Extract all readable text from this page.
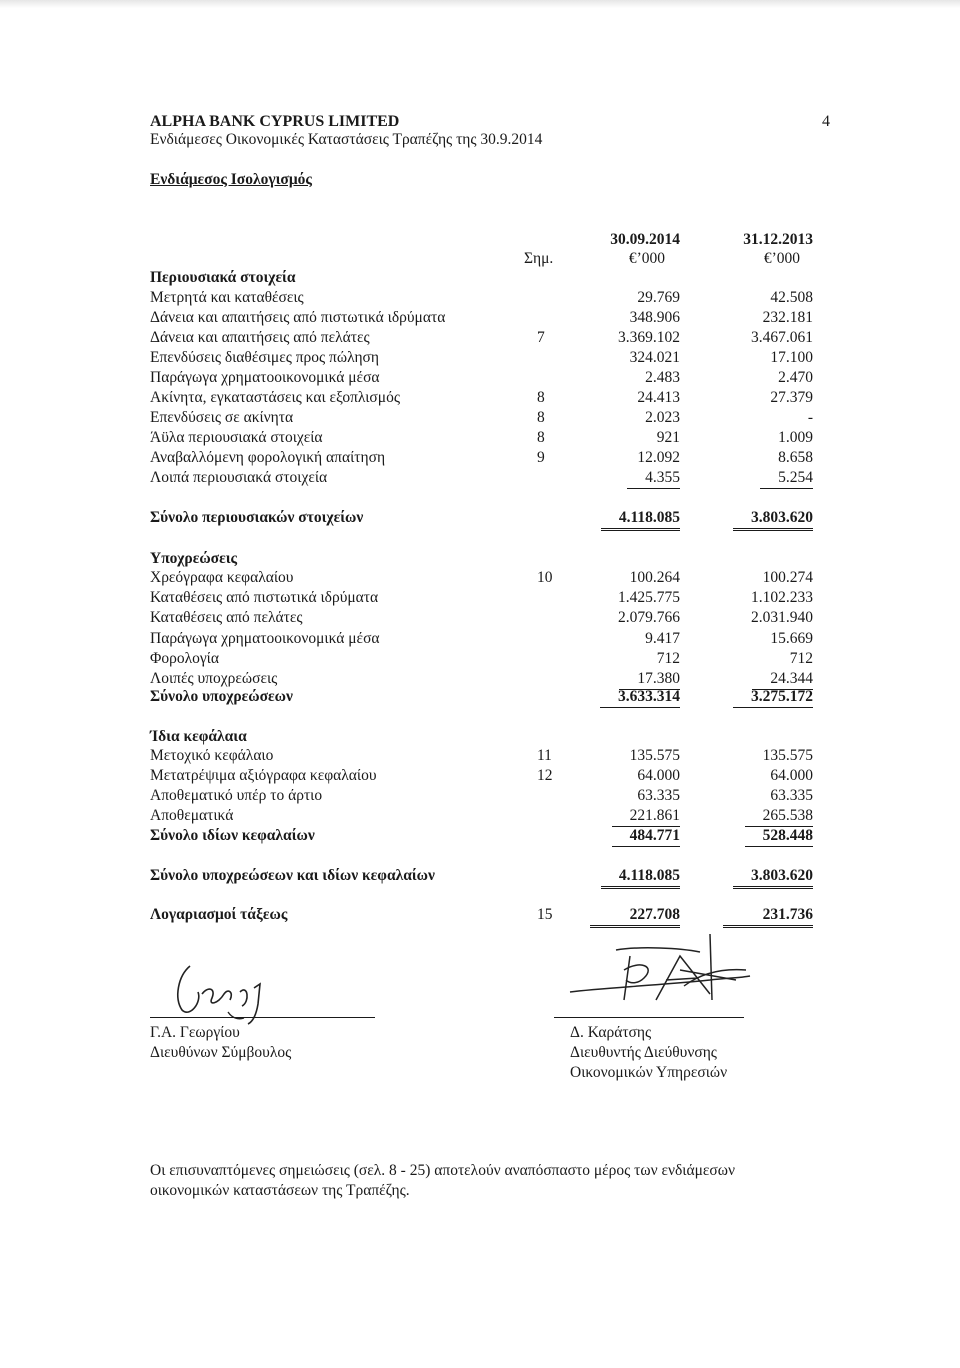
ALPHA BANK CYPRUS LIMITED
Ενδιάμεσες Οικονομικές Καταστάσεις Τραπέζης της 30.9.2014
4
Ενδιάμεσος Ισολογισμός
30.09.2014	31.12.2013
Σημ.	€’000	€’000
Περιουσιακά στοιχεία
Μετρητά και καταθέσεις	29.769	42.508
Δάνεια και απαιτήσεις από πιστωτικά ιδρύματα	348.906	232.181
Δάνεια και απαιτήσεις από πελάτες	7	3.369.102	3.467.061
Επενδύσεις διαθέσιμες προς πώληση	324.021	17.100
Παράγωγα χρηματοοικονομικά μέσα	2.483	2.470
Ακίνητα, εγκαταστάσεις και εξοπλισμός	8	24.413	27.379
Επενδύσεις σε ακίνητα	8	2.023	-
Άϋλα περιουσιακά στοιχεία	8	921	1.009
Αναβαλλόμενη φορολογική απαίτηση	9	12.092	8.658
Λοιπά περιουσιακά στοιχεία	4.355	5.254
Σύνολο περιουσιακών στοιχείων	4.118.085	3.803.620
Υποχρεώσεις
Χρεόγραφα κεφαλαίου	10	100.264	100.274
Καταθέσεις από πιστωτικά ιδρύματα	1.425.775	1.102.233
Καταθέσεις από πελάτες	2.079.766	2.031.940
Παράγωγα χρηματοοικονομικά μέσα	9.417	15.669
Φορολογία	712	712
Λοιπές υποχρεώσεις	17.380	24.344
Σύνολο υποχρεώσεων	3.633.314	3.275.172
Ίδια κεφάλαια
Μετοχικό κεφάλαιο	11	135.575	135.575
Μετατρέψιμα αξιόγραφα κεφαλαίου	12	64.000	64.000
Αποθεματικό υπέρ το άρτιο	63.335	63.335
Αποθεματικά	221.861	265.538
Σύνολο ιδίων κεφαλαίων	484.771	528.448
Σύνολο υποχρεώσεων και ιδίων κεφαλαίων	4.118.085	3.803.620
Λογαριασμοί τάξεως	15	227.708	231.736
Γ.Α. Γεωργίου
Διευθύνων Σύμβουλος
Δ. Καράτσης
Διευθυντής Διεύθυνσης
Οικονομικών Υπηρεσιών
Οι επισυναπτόμενες σημειώσεις (σελ. 8 - 25) αποτελούν αναπόσπαστο μέρος των ενδιάμεσων
οικονομικών καταστάσεων της Τραπέζης.
